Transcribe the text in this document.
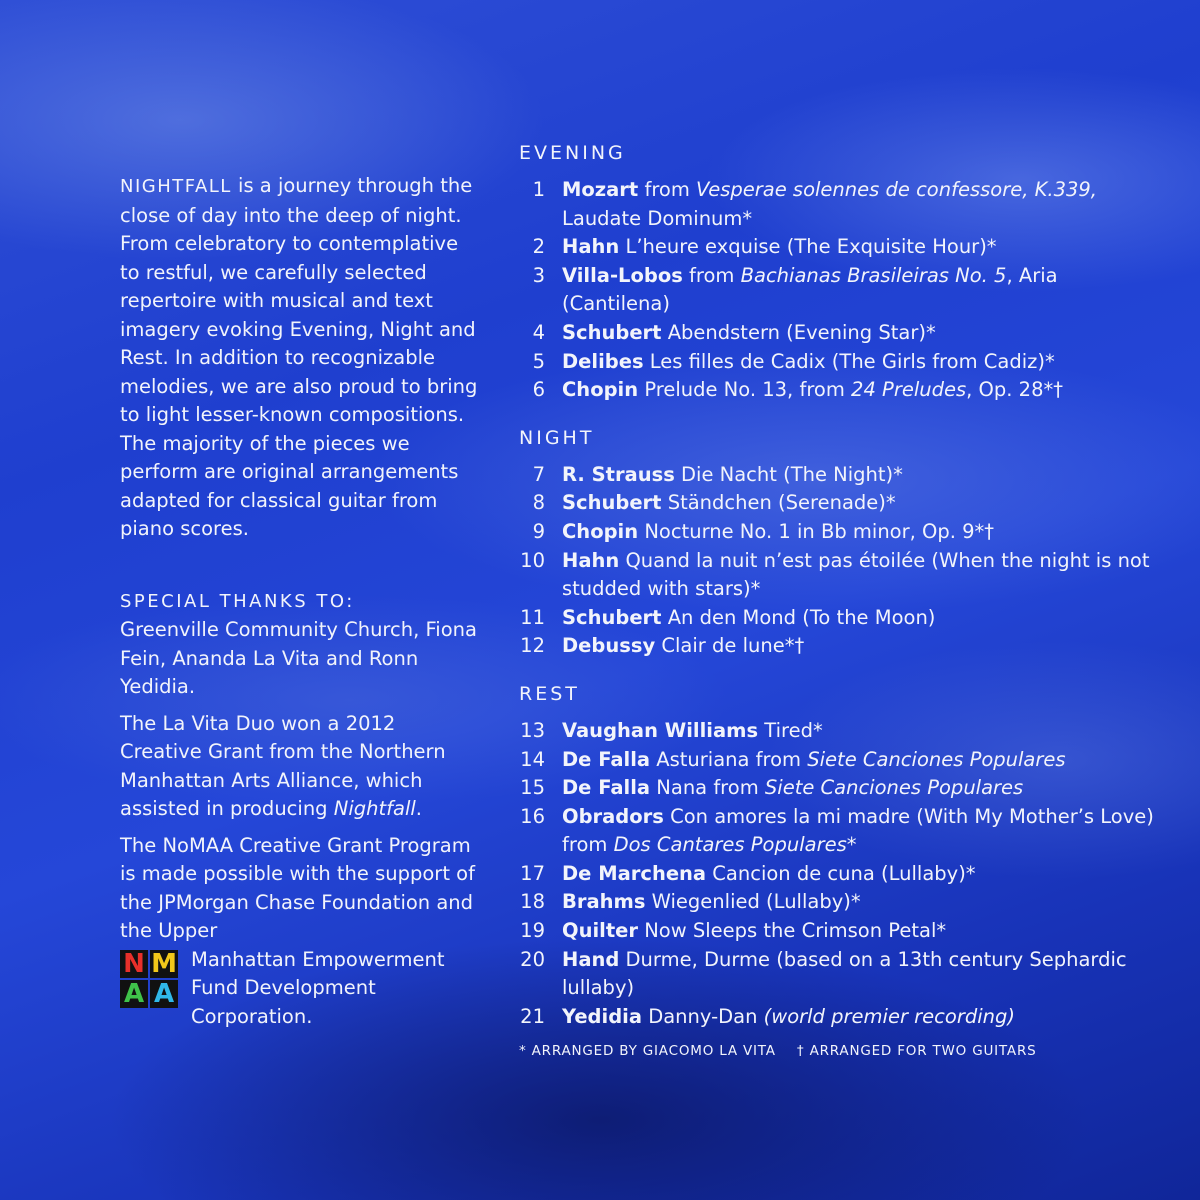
NIGHTFALL is a journey through the close of day into the deep of night. From celebratory to contemplative to restful, we carefully selected repertoire with musical and text imagery evoking Evening, Night and Rest. In addition to recognizable melodies, we are also proud to bring to light lesser-known compositions. The majority of the pieces we perform are original arrangements adapted for classical guitar from piano scores.

SPECIAL THANKS TO:

Greenville Community Church, Fiona Fein, Ananda La Vita and Ronn Yedidia.

The La Vita Duo won a 2012 Creative Grant from the Northern Manhattan Arts Alliance, which assisted in producing Nightfall.

The NoMAA Creative Grant Program is made possible with the support of the JPMorgan Chase Foundation and the Upper

N M
A A
Manhattan Empowerment Fund Development Corporation.
EVENING
1 Mozart from Vesperae solennes de confessore, K.339, Laudate Dominum*
2 Hahn L’heure exquise (The Exquisite Hour)*
3 Villa-Lobos from Bachianas Brasileiras No. 5, Aria (Cantilena)
4 Schubert Abendstern (Evening Star)*
5 Delibes Les filles de Cadix (The Girls from Cadiz)*
6 Chopin Prelude No. 13, from 24 Preludes, Op. 28*†
NIGHT
7 R. Strauss Die Nacht (The Night)*
8 Schubert Ständchen (Serenade)*
9 Chopin Nocturne No. 1 in Bb minor, Op. 9*†
10 Hahn Quand la nuit n’est pas étoilée (When the night is not studded with stars)*
11 Schubert An den Mond (To the Moon)
12 Debussy Clair de lune*†
REST
13 Vaughan Williams Tired*
14 De Falla Asturiana from Siete Canciones Populares
15 De Falla Nana from Siete Canciones Populares
16 Obradors Con amores la mi madre (With My Mother’s Love) from Dos Cantares Populares*
17 De Marchena Cancion de cuna (Lullaby)*
18 Brahms Wiegenlied (Lullaby)*
19 Quilter Now Sleeps the Crimson Petal*
20 Hand Durme, Durme (based on a 13th century Sephardic lullaby)
21 Yedidia Danny-Dan (world premier recording)
* ARRANGED BY GIACOMO LA VITA † ARRANGED FOR TWO GUITARS
